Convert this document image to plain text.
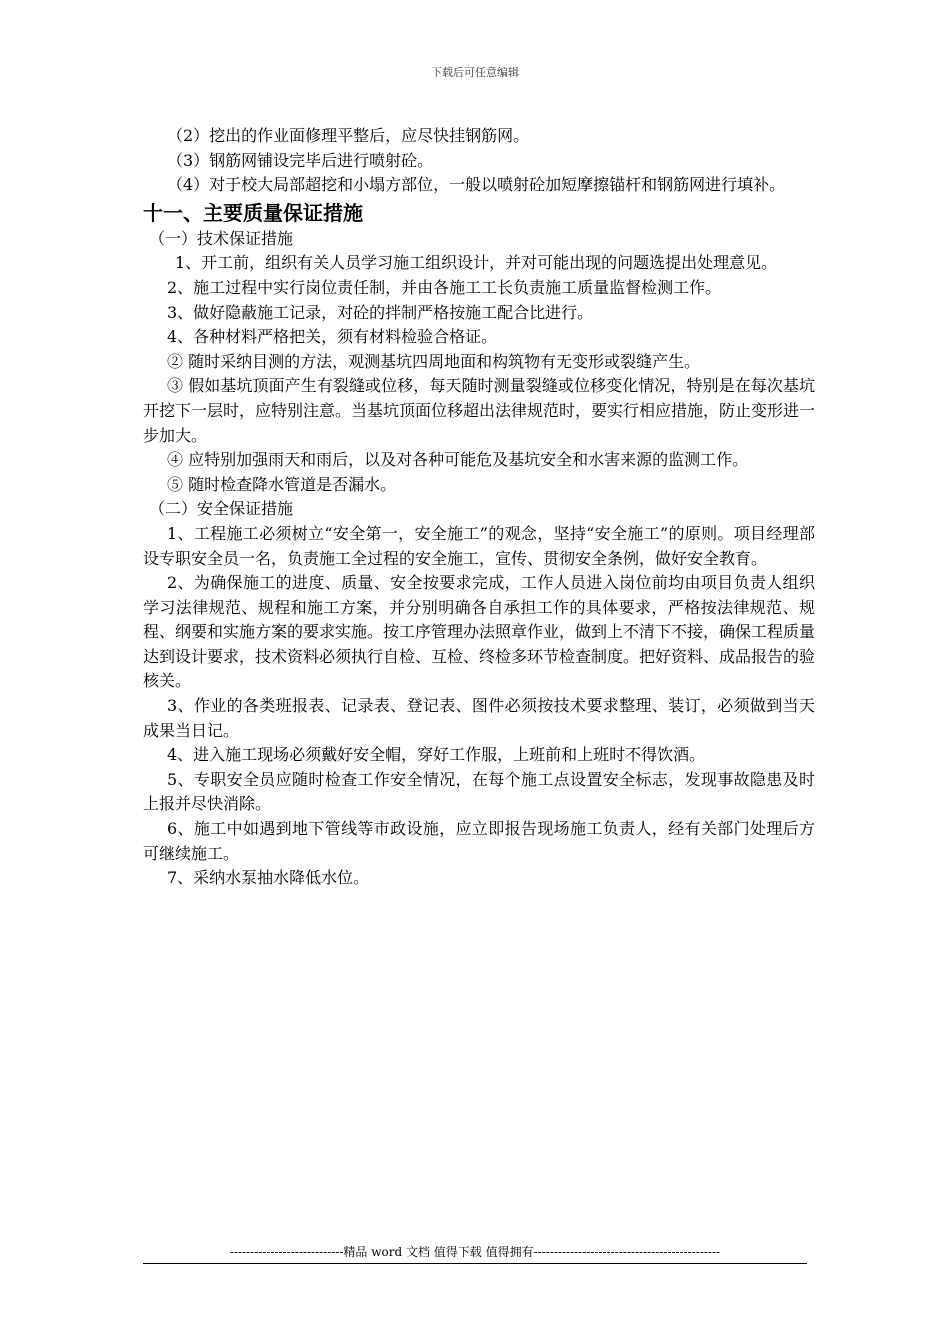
下载后可任意编辑

（2）挖出的作业面修理平整后，应尽快挂钢筋网。

（3）钢筋网铺设完毕后进行喷射砼。

（4）对于校大局部超挖和小塌方部位，一般以喷射砼加短摩擦锚杆和钢筋网进行填补。

十一、主要质量保证措施

（一）技术保证措施

1、开工前，组织有关人员学习施工组织设计，并对可能出现的问题选提出处理意见。

2、施工过程中实行岗位责任制，并由各施工工长负责施工质量监督检测工作。

3、做好隐蔽施工记录，对砼的拌制严格按施工配合比进行。

4、各种材料严格把关，须有材料检验合格证。

② 随时采纳目测的方法，观测基坑四周地面和构筑物有无变形或裂缝产生。

③ 假如基坑顶面产生有裂缝或位移，每天随时测量裂缝或位移变化情况，特别是在每次基坑开挖下一层时，应特别注意。当基坑顶面位移超出法律规范时，要实行相应措施，防止变形进一步加大。

④ 应特别加强雨天和雨后，以及对各种可能危及基坑安全和水害来源的监测工作。

⑤ 随时检查降水管道是否漏水。

（二）安全保证措施

1、工程施工必须树立“安全第一，安全施工”的观念，坚持“安全施工”的原则。项目经理部设专职安全员一名，负责施工全过程的安全施工，宣传、贯彻安全条例，做好安全教育。

2、为确保施工的进度、质量、安全按要求完成，工作人员进入岗位前均由项目负责人组织学习法律规范、规程和施工方案，并分别明确各自承担工作的具体要求，严格按法律规范、规程、纲要和实施方案的要求实施。按工序管理办法照章作业，做到上不清下不接，确保工程质量达到设计要求，技术资料必须执行自检、互检、终检多环节检查制度。把好资料、成品报告的验核关。

3、作业的各类班报表、记录表、登记表、图件必须按技术要求整理、装订，必须做到当天成果当日记。

4、进入施工现场必须戴好安全帽，穿好工作服，上班前和上班时不得饮酒。

5、专职安全员应随时检查工作安全情况，在每个施工点设置安全标志，发现事故隐患及时上报并尽快消除。

6、施工中如遇到地下管线等市政设施，应立即报告现场施工负责人，经有关部门处理后方可继续施工。

7、采纳水泵抽水降低水位。

----------------------------精品 word 文档 值得下载 值得拥有----------------------------------------------
